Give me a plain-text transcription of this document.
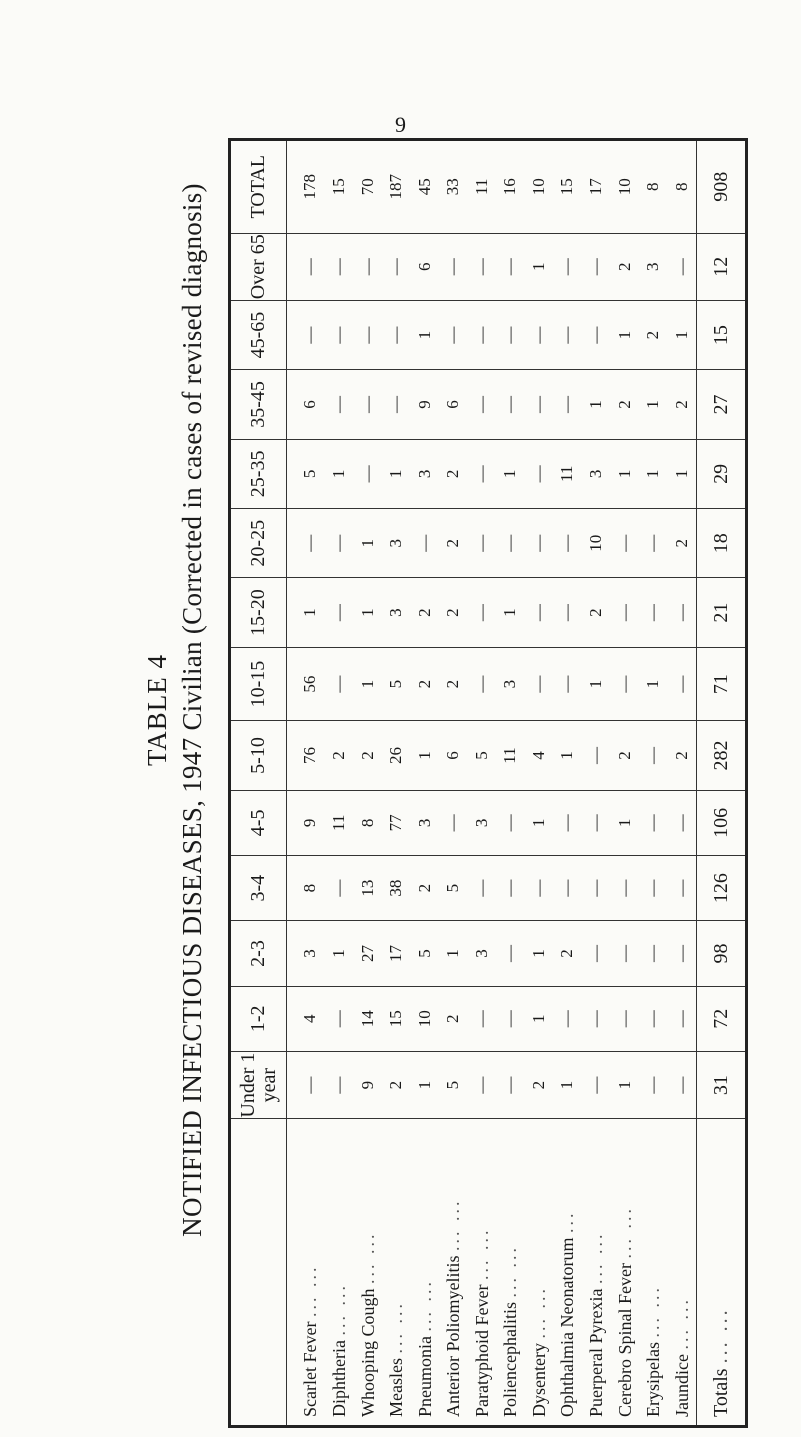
9
TABLE 4 NOTIFIED INFECTIOUS DISEASES, 1947 Civilian (Corrected in cases of revised diagnosis)
	Under 1 year	1-2	2-3	3-4	4-5	5-10	10-15	15-20	20-25	25-35	35-45	45-65	Over 65	TOTAL
Scarlet Fever ... ...	—	4	3	8	9	76	56	1	—	5	6	—	—	178
Diphtheria ... ...	—	—	1	—	11	2	—	—	—	1	—	—	—	15
Whooping Cough ... ...	9	14	27	13	8	2	1	1	1	—	—	—	—	70
Measles ... ...	2	15	17	38	77	26	5	3	3	1	—	—	—	187
Pneumonia ... ...	1	10	5	2	3	1	2	2	—	3	9	1	6	45
Anterior Poliomyelitis ... ...	5	2	1	5	—	6	2	2	2	2	6	—	—	33
Paratyphoid Fever ... ...	—	—	3	—	3	5	—	—	—	—	—	—	—	11
Poliencephalitis ... ...	—	—	—	—	—	11	3	1	—	1	—	—	—	16
Dysentery ... ...	2	1	1	—	1	4	—	—	—	—	—	—	1	10
Ophthalmia Neonatorum ...	1	—	2	—	—	1	—	—	—	11	—	—	—	15
Puerperal Pyrexia ... ...	—	—	—	—	—	—	1	2	10	3	1	—	—	17
Cerebro Spinal Fever ... ...	1	—	—	—	1	2	—	—	—	1	2	1	2	10
Erysipelas ... ...	—	—	—	—	—	—	1	—	—	1	1	2	3	8
Jaundice ... ...	—	—	—	—	—	2	—	—	2	1	2	1	—	8
Totals ... ...	31	72	98	126	106	282	71	21	18	29	27	15	12	908
